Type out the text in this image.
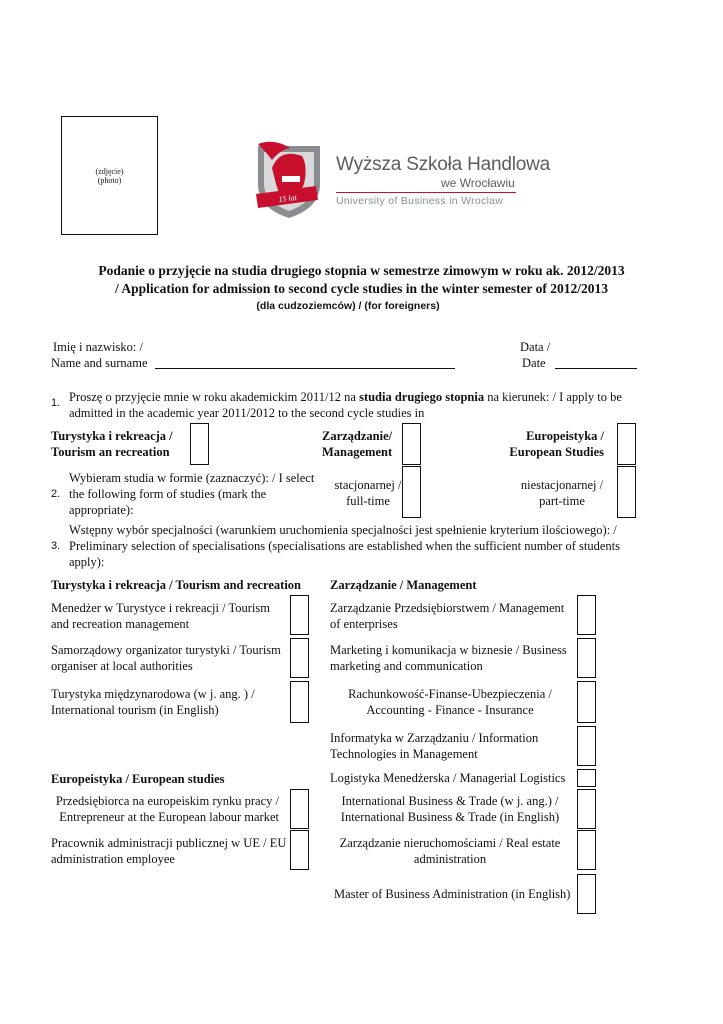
(zdjęcie)
(photo)
15 lat
Wyższa Szkoła Handlowa
we Wrocławiu
University of Business in Wroclaw
Podanie o przyjęcie na studia drugiego stopnia w semestrze zimowym w roku ak. 2012/2013
/ Application for admission to second cycle studies in the winter semester of 2012/2013
(dla cudzoziemców) / (for foreigners)
Imię i nazwisko: /
Name and surname
Data /
Date
1. Proszę o przyjęcie mnie w roku akademickim 2011/12 na studia drugiego stopnia na kierunek: / I apply to be
admitted in the academic year 2011/2012 to the second cycle studies in
Turystyka i rekreacja /
Tourism an recreation
Zarządzanie/
Management
Europeistyka /
European Studies
2.
Wybieram studia w formie (zaznaczyć): / I select
the following form of studies (mark the
appropriate):
stacjonarnej /
full-time
niestacjonarnej /
part-time
3.
Wstępny wybór specjalności (warunkiem uruchomienia specjalności jest spełnienie kryterium ilościowego): /
Preliminary selection of specialisations (specialisations are established when the sufficient number of students
apply):
Turystyka i rekreacja / Tourism and recreation Zarządzanie / Management
Menedżer w Turystyce i rekreacji / Tourism
and recreation management
Samorządowy organizator turystyki / Tourism
organiser at local authorities
Turystyka międzynarodowa (w j. ang. ) /
International tourism (in English)
Zarządzanie Przedsiębiorstwem / Management
of enterprises
Marketing i komunikacja w biznesie / Business
marketing and communication
Rachunkowość-Finanse-Ubezpieczenia /
Accounting - Finance - Insurance
Informatyka w Zarządzaniu / Information
Technologies in Management
Logistyka Menedżerska / Managerial Logistics
International Business & Trade (w j. ang.) /
International Business & Trade (in English)
Zarządzanie nieruchomościami / Real estate
administration
Master of Business Administration (in English)
Europeistyka / European studies
Przedsiębiorca na europeiskim rynku pracy /
Entrepreneur at the European labour market
Pracownik administracji publicznej w UE / EU
administration employee
